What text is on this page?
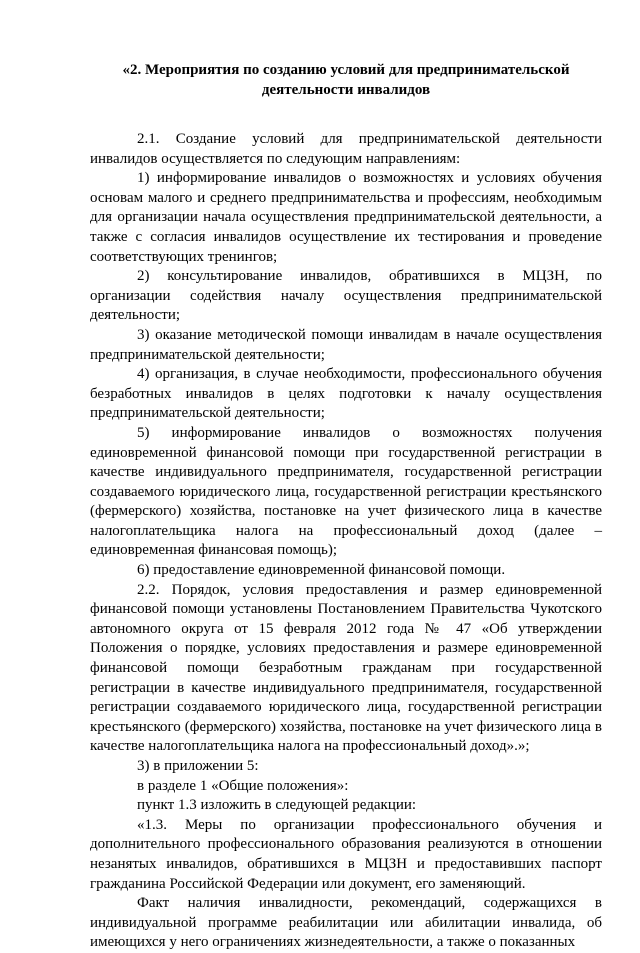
«2. Мероприятия по созданию условий для предпринимательской
деятельности инвалидов

2.1. Создание условий для предпринимательской деятельности инвалидов осуществляется по следующим направлениям:

1) информирование инвалидов о возможностях и условиях обучения основам малого и среднего предпринимательства и профессиям, необходимым для организации начала осуществления предпринимательской деятельности, а также с согласия инвалидов осуществление их тестирования и проведение соответствующих тренингов;

2) консультирование инвалидов, обратившихся в МЦЗН, по организации содействия началу осуществления предпринимательской деятельности;

3) оказание методической помощи инвалидам в начале осуществления предпринимательской деятельности;

4) организация, в случае необходимости, профессионального обучения безработных инвалидов в целях подготовки к началу осуществления предпринимательской деятельности;

5) информирование инвалидов о возможностях получения единовременной финансовой помощи при государственной регистрации в качестве индивидуального предпринимателя, государственной регистрации создаваемого юридического лица, государственной регистрации крестьянского (фермерского) хозяйства, постановке на учет физического лица в качестве налогоплательщика налога на профессиональный доход (далее – единовременная финансовая помощь);

6) предоставление единовременной финансовой помощи.

2.2. Порядок, условия предоставления и размер единовременной финансовой помощи установлены Постановлением Правительства Чукотского автономного округа от 15 февраля 2012 года № 47 «Об утверждении Положения о порядке, условиях предоставления и размере единовременной финансовой помощи безработным гражданам при государственной регистрации в качестве индивидуального предпринимателя, государственной регистрации создаваемого юридического лица, государственной регистрации крестьянского (фермерского) хозяйства, постановке на учет физического лица в качестве налогоплательщика налога на профессиональный доход».»;

3) в приложении 5:

в разделе 1 «Общие положения»:

пункт 1.3 изложить в следующей редакции:

«1.3. Меры по организации профессионального обучения и дополнительного профессионального образования реализуются в отношении незанятых инвалидов, обратившихся в МЦЗН и предоставивших паспорт гражданина Российской Федерации или документ, его заменяющий.

Факт наличия инвалидности, рекомендаций, содержащихся в индивидуальной программе реабилитации или абилитации инвалида, об имеющихся у него ограничениях жизнедеятельности, а также о показанных
